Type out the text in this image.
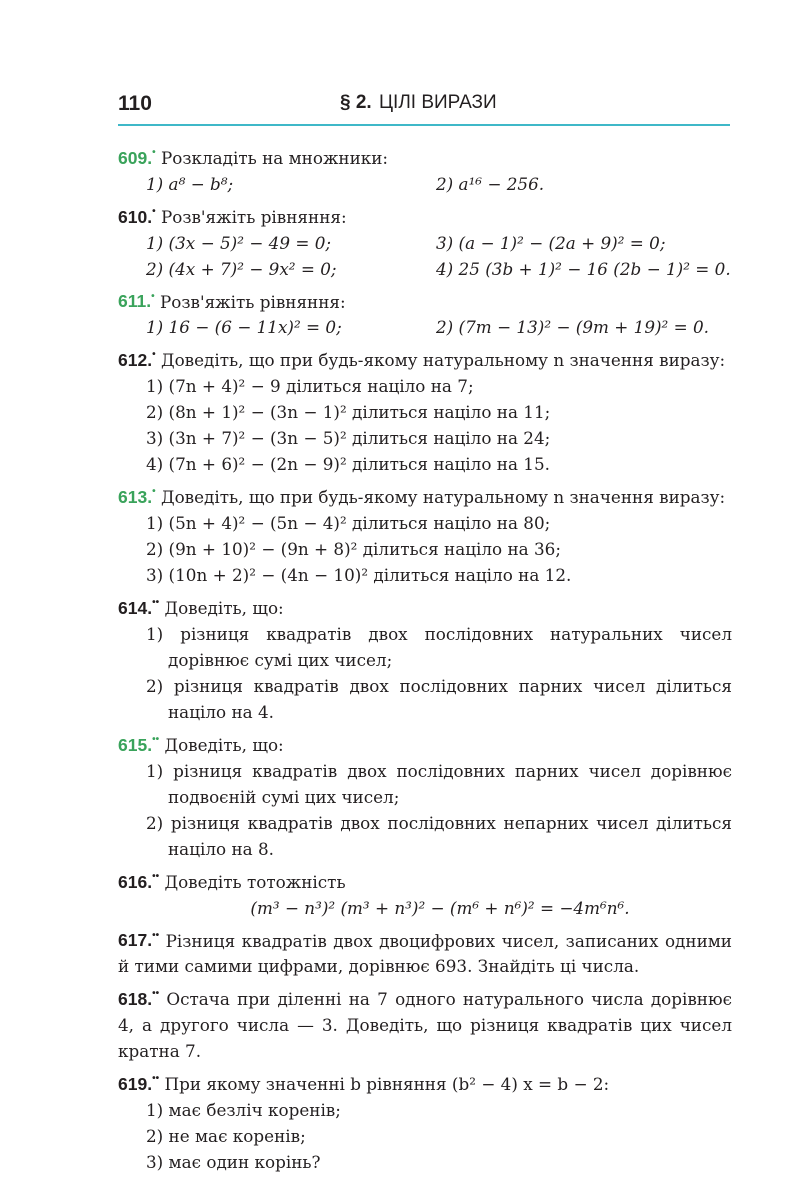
110	§ 2. ЦІЛІ ВИРАЗИ
609.• Розкладіть на множники:
1) a⁸ − b⁸;	2) a¹⁶ − 256.
610.• Розв'яжіть рівняння:
1) (3x − 5)² − 49 = 0;	3) (a − 1)² − (2a + 9)² = 0;
2) (4x + 7)² − 9x² = 0;	4) 25 (3b + 1)² − 16 (2b − 1)² = 0.
611.• Розв'яжіть рівняння:
1) 16 − (6 − 11x)² = 0;	2) (7m − 13)² − (9m + 19)² = 0.
612.• Доведіть, що при будь-якому натуральному n значення виразу:
1) (7n + 4)² − 9 ділиться націло на 7;
2) (8n + 1)² − (3n − 1)² ділиться націло на 11;
3) (3n + 7)² − (3n − 5)² ділиться націло на 24;
4) (7n + 6)² − (2n − 9)² ділиться націло на 15.
613.• Доведіть, що при будь-якому натуральному n значення виразу:
1) (5n + 4)² − (5n − 4)² ділиться націло на 80;
2) (9n + 10)² − (9n + 8)² ділиться націло на 36;
3) (10n + 2)² − (4n − 10)² ділиться націло на 12.
614.•• Доведіть, що:
1) різниця квадратів двох послідовних натуральних чисел дорівнює сумі цих чисел;
2) різниця квадратів двох послідовних парних чисел ділиться націло на 4.
615.•• Доведіть, що:
1) різниця квадратів двох послідовних парних чисел дорівнює подвоєній сумі цих чисел;
2) різниця квадратів двох послідовних непарних чисел ділиться націло на 8.
616.•• Доведіть тотожність
(m³ − n³)² (m³ + n³)² − (m⁶ + n⁶)² = −4m⁶n⁶.
617.•• Різниця квадратів двох двоцифрових чисел, записаних одними й тими самими цифрами, дорівнює 693. Знайдіть ці числа.
618.•• Остача при діленні на 7 одного натурального числа дорівнює 4, а другого числа — 3. Доведіть, що різниця квадратів цих чисел кратна 7.
619.•• При якому значенні b рівняння (b² − 4) x = b − 2:
1) має безліч коренів;
2) не має коренів;
3) має один корінь?
